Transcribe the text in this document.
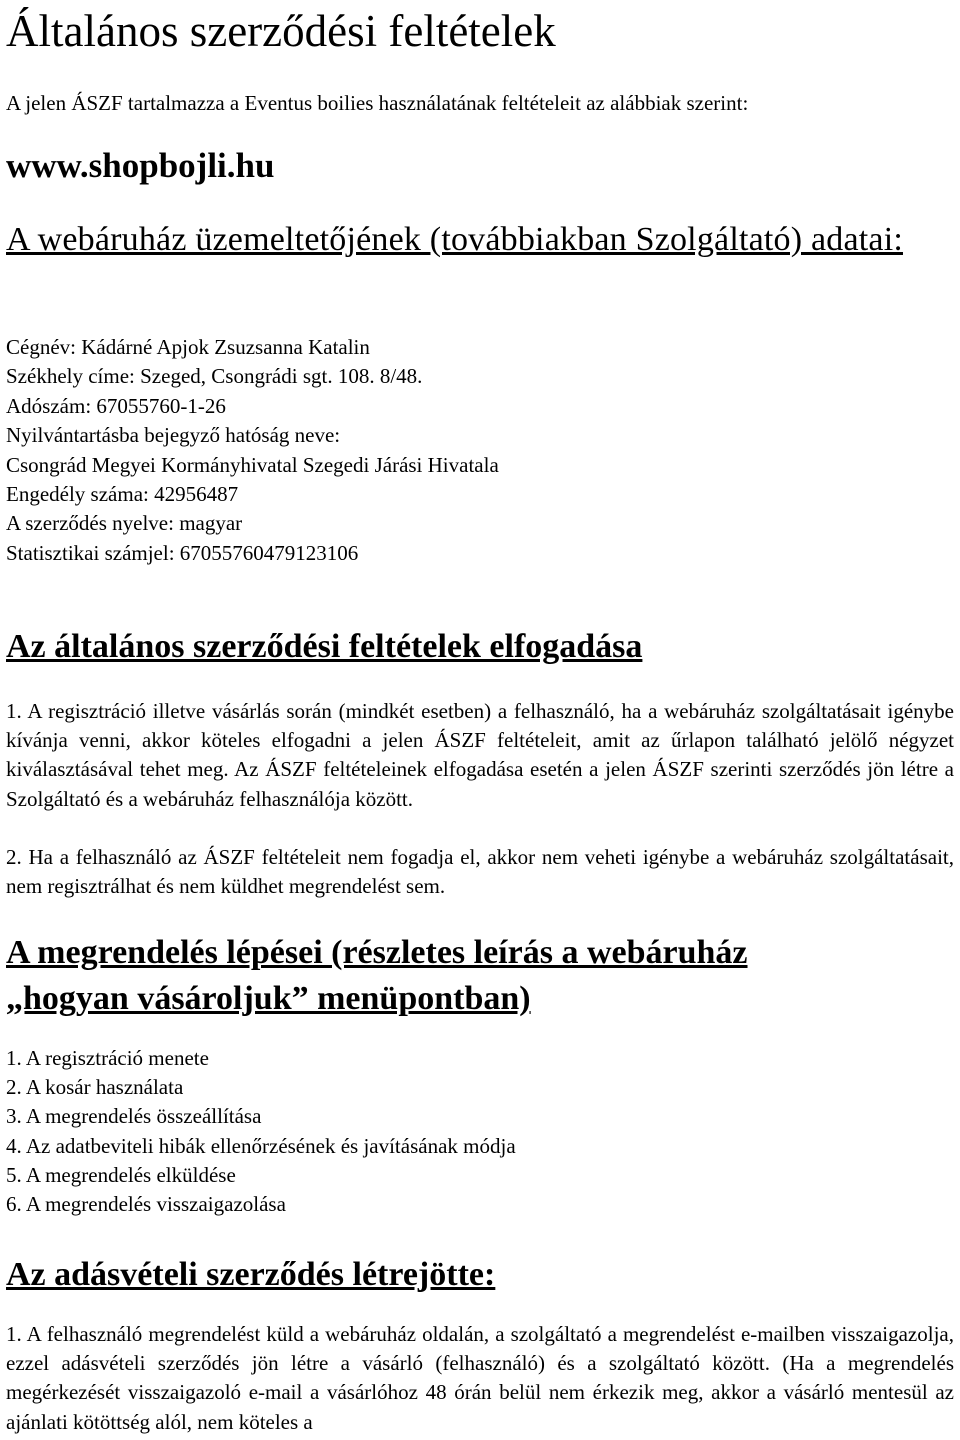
Általános szerződési feltételek
A jelen ÁSZF tartalmazza a Eventus boilies használatának feltételeit az alábbiak szerint:
www.shopbojli.hu
A webáruház üzemeltetőjének (továbbiakban Szolgáltató) adatai:
Cégnév: Kádárné Apjok Zsuzsanna Katalin
Székhely címe: Szeged, Csongrádi sgt. 108. 8/48.
Adószám: 67055760-1-26
Nyilvántartásba bejegyző hatóság neve:
Csongrád Megyei Kormányhivatal Szegedi Járási Hivatala
Engedély száma: 42956487
A szerződés nyelve: magyar
Statisztikai számjel: 67055760479123106
Az általános szerződési feltételek elfogadása
1. A regisztráció illetve vásárlás során (mindkét esetben) a felhasználó, ha a webáruház szolgáltatásait igénybe kívánja venni, akkor köteles elfogadni a jelen ÁSZF feltételeit, amit az űrlapon található jelölő négyzet kiválasztásával tehet meg. Az ÁSZF feltételeinek elfogadása esetén a jelen ÁSZF szerinti szerződés jön létre a Szolgáltató és a webáruház felhasználója között.
2. Ha a felhasználó az ÁSZF feltételeit nem fogadja el, akkor nem veheti igénybe a webáruház szolgáltatásait, nem regisztrálhat és nem küldhet megrendelést sem.
A megrendelés lépései (részletes leírás a webáruház
„hogyan vásároljuk” menüpontban)
1. A regisztráció menete
2. A kosár használata
3. A megrendelés összeállítása
4. Az adatbeviteli hibák ellenőrzésének és javításának módja
5. A megrendelés elküldése
6. A megrendelés visszaigazolása
Az adásvételi szerződés létrejötte:
1. A felhasználó megrendelést küld a webáruház oldalán, a szolgáltató a megrendelést e-mailben visszaigazolja, ezzel adásvételi szerződés jön létre a vásárló (felhasználó) és a szolgáltató között. (Ha a megrendelés megérkezését visszaigazoló e-mail a vásárlóhoz 48 órán belül nem érkezik meg, akkor a vásárló mentesül az ajánlati kötöttség alól, nem köteles a
